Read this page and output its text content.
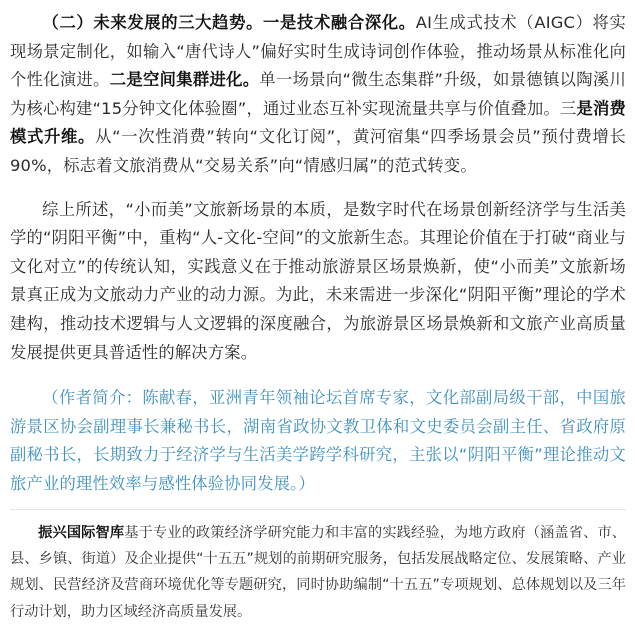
（二）未来发展的三大趋势。一是技术融合深化。AI生成式技术（AIGC）将实现场景定制化，如输入“唐代诗人”偏好实时生成诗词创作体验，推动场景从标准化向个性化演进。二是空间集群进化。单一场景向“微生态集群”升级，如景德镇以陶溪川为核心构建“15分钟文化体验圈”，通过业态互补实现流量共享与价值叠加。三是消费模式升维。从“一次性消费”转向“文化订阅”，黄河宿集“四季场景会员”预付费增长90%，标志着文旅消费从“交易关系”向“情感归属”的范式转变。

综上所述，“小而美”文旅新场景的本质，是数字时代在场景创新经济学与生活美学的“阴阳平衡”中，重构“人-文化-空间”的文旅新生态。其理论价值在于打破“商业与文化对立”的传统认知，实践意义在于推动旅游景区场景焕新，使“小而美”文旅新场景真正成为文旅动力产业的动力源。为此，未来需进一步深化“阴阳平衡”理论的学术建构，推动技术逻辑与人文逻辑的深度融合，为旅游景区场景焕新和文旅产业高质量发展提供更具普适性的解决方案。

（作者简介：陈献春，亚洲青年领袖论坛首席专家，文化部副局级干部，中国旅游景区协会副理事长兼秘书长，湖南省政协文教卫体和文史委员会副主任、省政府原副秘书长，长期致力于经济学与生活美学跨学科研究，主张以“阴阳平衡”理论推动文旅产业的理性效率与感性体验协同发展。）

振兴国际智库基于专业的政策经济学研究能力和丰富的实践经验，为地方政府（涵盖省、市、县、乡镇、街道）及企业提供“十五五”规划的前期研究服务，包括发展战略定位、发展策略、产业规划、民营经济及营商环境优化等专题研究，同时协助编制“十五五”专项规划、总体规划以及三年行动计划，助力区域经济高质量发展。
